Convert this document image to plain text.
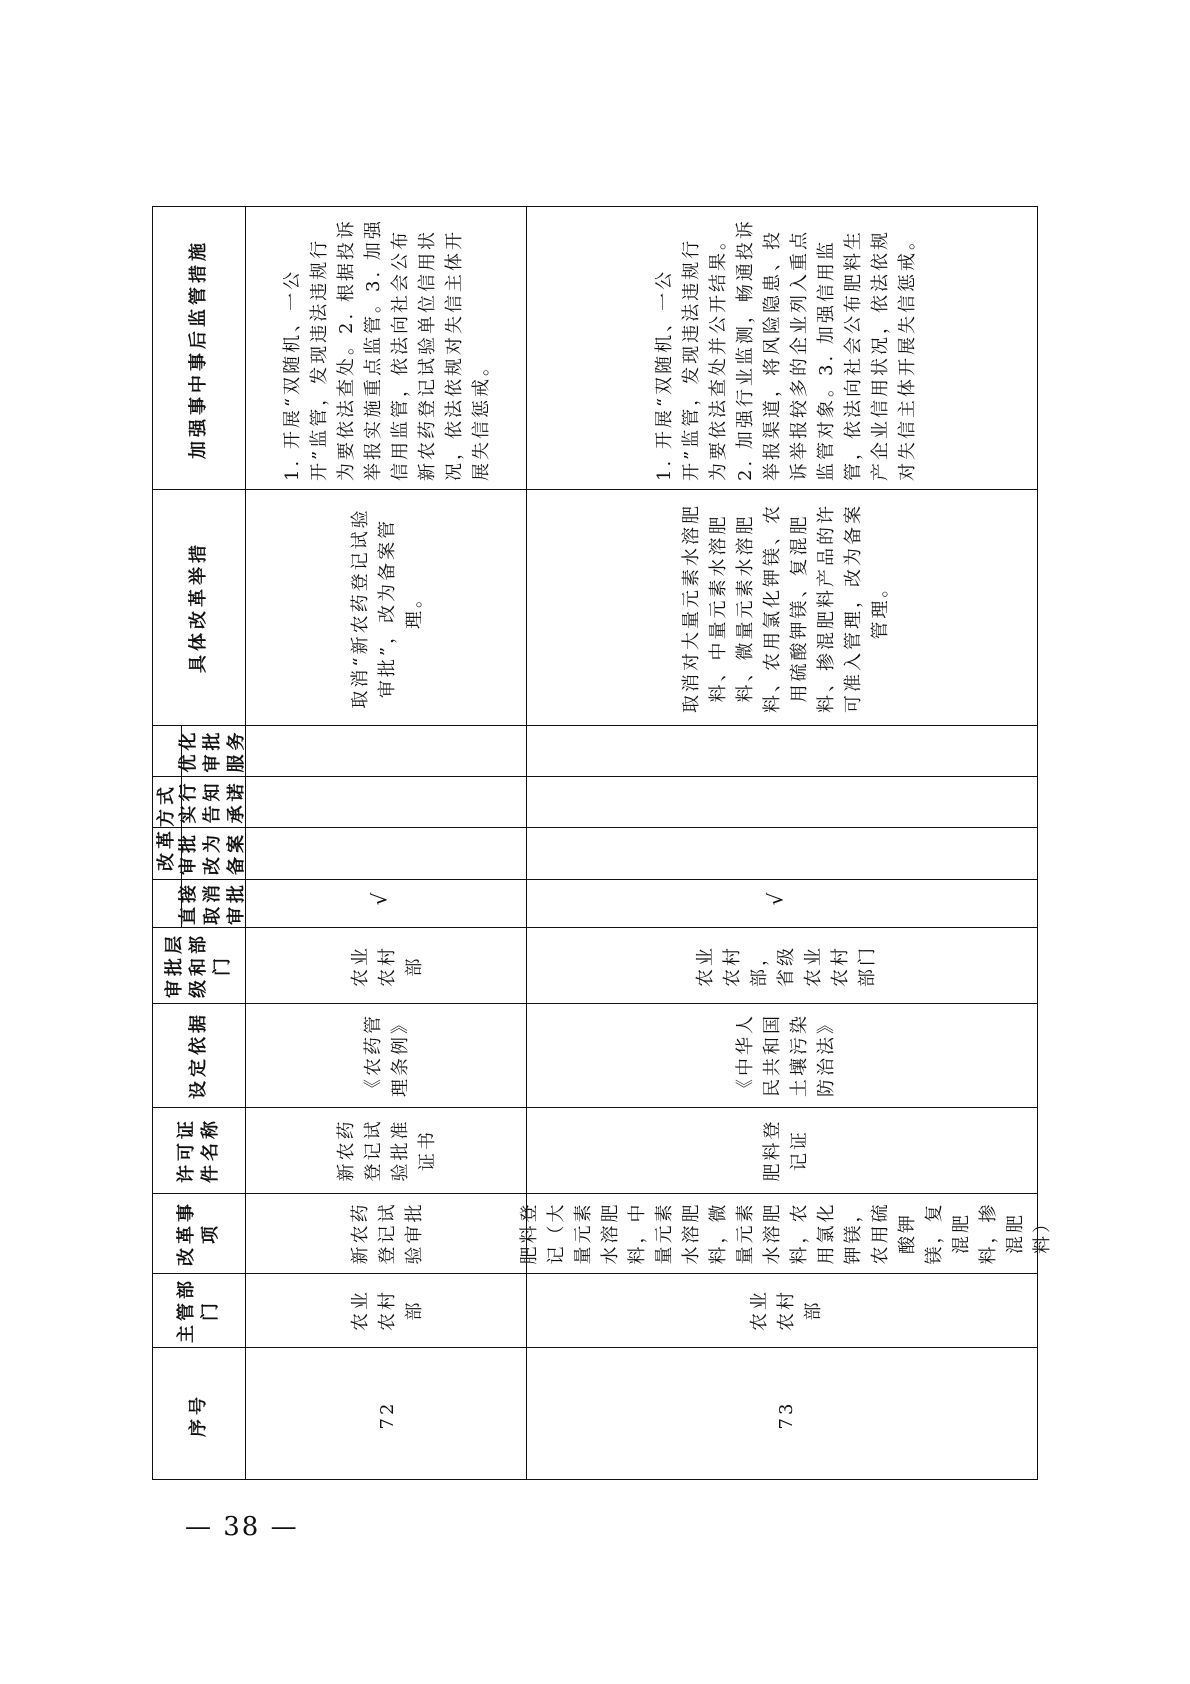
加强事中事后监管措施
具体改革举措
优化审批服务
实行告知承诺
审批改为备案
直接取消审批
改革方式
审批层级和部门
设定依据
许可证件名称
改革事项
主管部门
序号
1. 开展“双随机、一公开”监管，发现违法违规行为要依法查处。2. 根据投诉举报实施重点监管。3. 加强信用监管，依法向社会公布新农药登记试验单位信用状况，依法依规对失信主体开展失信惩戒。
取消“新农药登记试验审批”，改为备案管理。
√
农业农村部
《农药管理条例》
新农药登记试验批准证书
新农药登记试验审批
农业农村部
72
1. 开展“双随机、一公开”监管，发现违法违规行为要依法查处并公开结果。2. 加强行业监测，畅通投诉举报渠道，将风险隐患、投诉举报较多的企业列入重点监管对象。3. 加强信用监管，依法向社会公布肥料生产企业信用状况，依法依规对失信主体开展失信惩戒。
取消对大量元素水溶肥料、中量元素水溶肥料、微量元素水溶肥料、农用氯化钾镁、农用硫酸钾镁、复混肥料、掺混肥料产品的许可准入管理，改为备案管理。
√
农业农村部，省级农业农村部门
《中华人民共和国土壤污染防治法》
肥料登记证
肥料登记（大量元素水溶肥料，中量元素水溶肥料，微量元素水溶肥料，农用氯化钾镁，农用硫酸钾镁，复混肥料，掺混肥料）
农业农村部
73
— 38 —
